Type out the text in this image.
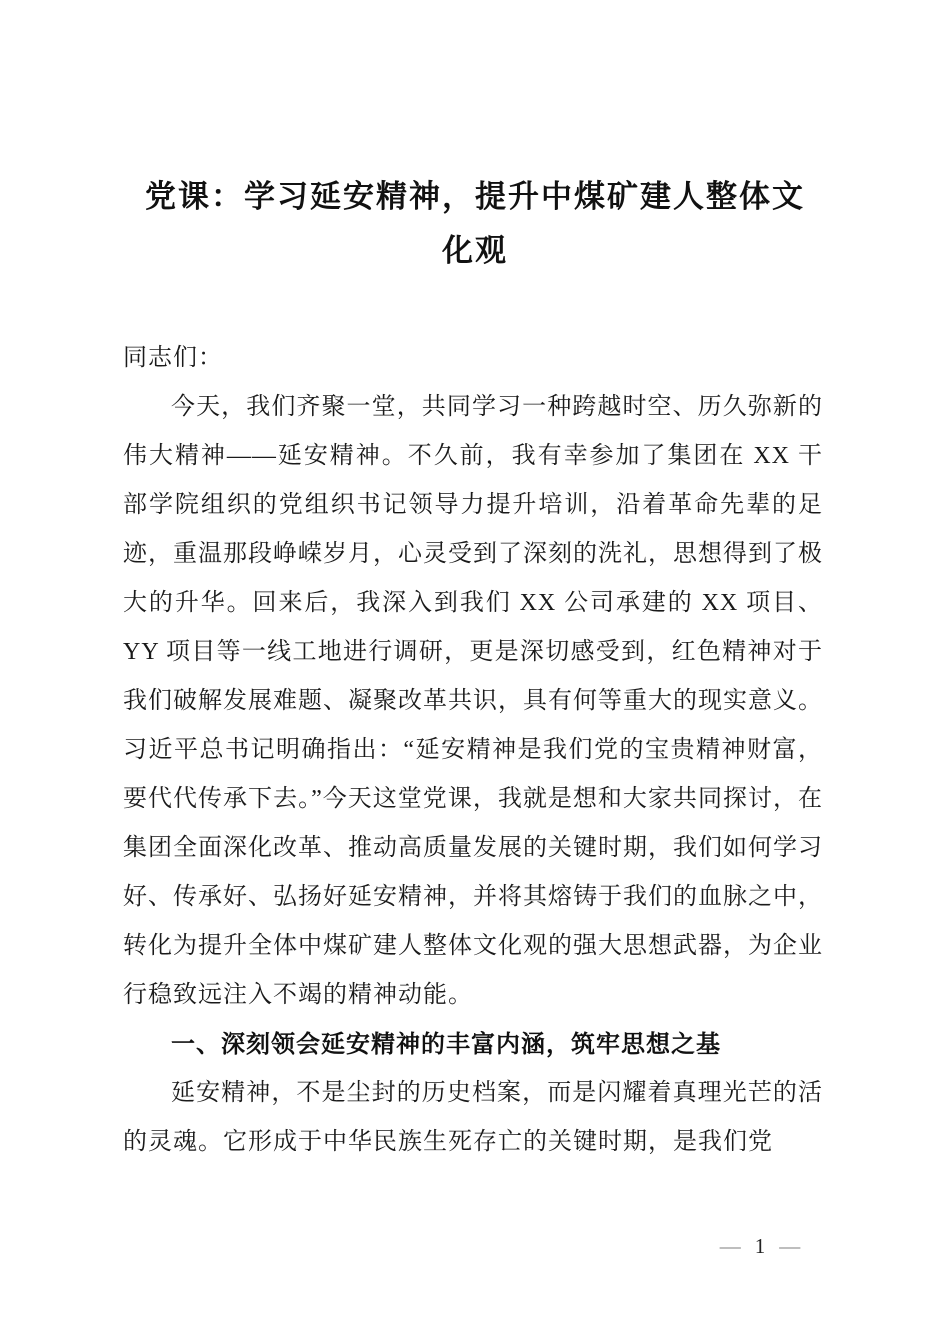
党课：学习延安精神，提升中煤矿建人整体文化观

同志们：

今天，我们齐聚一堂，共同学习一种跨越时空、历久弥新的伟大精神——延安精神。不久前，我有幸参加了集团在 XX 干部学院组织的党组织书记领导力提升培训，沿着革命先辈的足迹，重温那段峥嵘岁月，心灵受到了深刻的洗礼，思想得到了极大的升华。回来后，我深入到我们 XX 公司承建的 XX 项目、YY 项目等一线工地进行调研，更是深切感受到，红色精神对于我们破解发展难题、凝聚改革共识，具有何等重大的现实意义。习近平总书记明确指出：“延安精神是我们党的宝贵精神财富，要代代传承下去。”今天这堂党课，我就是想和大家共同探讨，在集团全面深化改革、推动高质量发展的关键时期，我们如何学习好、传承好、弘扬好延安精神，并将其熔铸于我们的血脉之中，转化为提升全体中煤矿建人整体文化观的强大思想武器，为企业行稳致远注入不竭的精神动能。

一、深刻领会延安精神的丰富内涵，筑牢思想之基

延安精神，不是尘封的历史档案，而是闪耀着真理光芒的活的灵魂。它形成于中华民族生死存亡的关键时期，是我们党

— 1 —
